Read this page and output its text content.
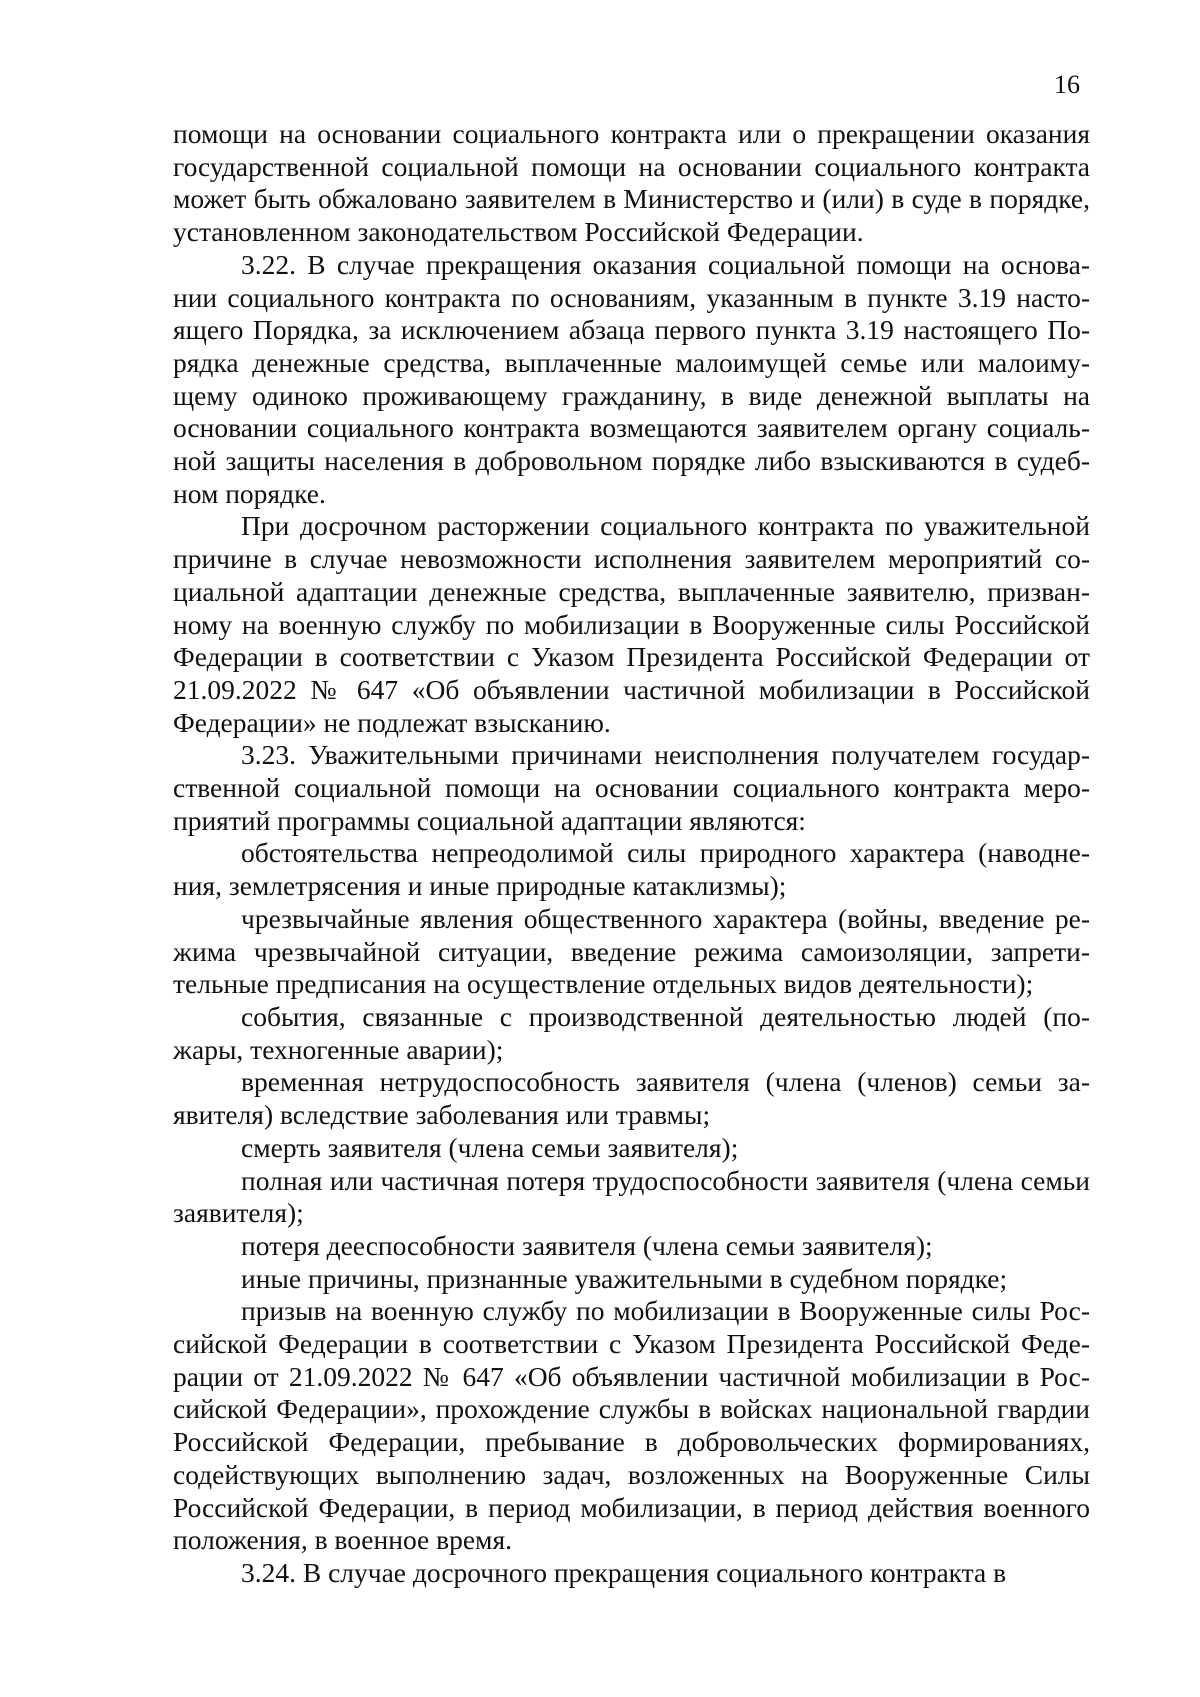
16

помощи на основании социального контракта или о прекращении оказания государственной социальной помощи на основании социального контракта может быть обжаловано заявителем в Министерство и (или) в суде в порядке, установленном законодательством Российской Федерации.

3.22. В случае прекращения оказания социальной помощи на основании социального контракта по основаниям, указанным в пункте 3.19 настоящего Порядка, за исключением абзаца первого пункта 3.19 настоящего Порядка денежные средства, выплаченные малоимущей семье или малоимущему одиноко проживающему гражданину, в виде денежной выплаты на основании социального контракта возмещаются заявителем органу социальной защиты населения в добровольном порядке либо взыскиваются в судебном порядке.

При досрочном расторжении социального контракта по уважительной причине в случае невозможности исполнения заявителем мероприятий социальной адаптации денежные средства, выплаченные заявителю, призванному на военную службу по мобилизации в Вооруженные силы Российской Федерации в соответствии с Указом Президента Российской Федерации от 21.09.2022 № 647 «Об объявлении частичной мобилизации в Российской Федерации» не подлежат взысканию.

3.23. Уважительными причинами неисполнения получателем государственной социальной помощи на основании социального контракта мероприятий программы социальной адаптации являются:

обстоятельства непреодолимой силы природного характера (наводнения, землетрясения и иные природные катаклизмы);

чрезвычайные явления общественного характера (войны, введение режима чрезвычайной ситуации, введение режима самоизоляции, запретительные предписания на осуществление отдельных видов деятельности);

события, связанные с производственной деятельностью людей (пожары, техногенные аварии);

временная нетрудоспособность заявителя (члена (членов) семьи заявителя) вследствие заболевания или травмы;

смерть заявителя (члена семьи заявителя);

полная или частичная потеря трудоспособности заявителя (члена семьи заявителя);

потеря дееспособности заявителя (члена семьи заявителя);

иные причины, признанные уважительными в судебном порядке;

призыв на военную службу по мобилизации в Вооруженные силы Российской Федерации в соответствии с Указом Президента Российской Федерации от 21.09.2022 № 647 «Об объявлении частичной мобилизации в Российской Федерации», прохождение службы в войсках национальной гвардии Российской Федерации, пребывание в добровольческих формированиях, содействующих выполнению задач, возложенных на Вооруженные Силы Российской Федерации, в период мобилизации, в период действия военного положения, в военное время.

3.24. В случае досрочного прекращения социального контракта в
